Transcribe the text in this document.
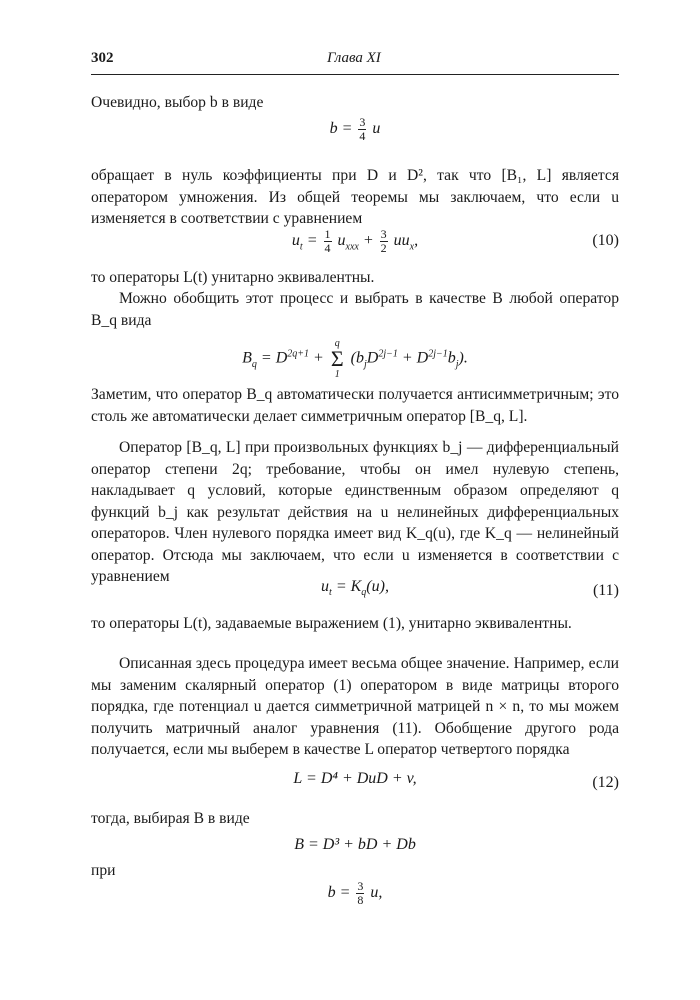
302	Глава XI

Очевидно, выбор b в виде

$b = \frac{3}{4}$ u

обращает в нуль коэффициенты при D и D², так что [B₁, L] является оператором умножения. Из общей теоремы мы заключаем, что если u изменяется в соответствии с уравнением

$u_t = \frac{1}{4} u_{xxx} + \frac{3}{2} uu_x$,	(10)

то операторы L(t) унитарно эквивалентны.

Можно обобщить этот процесс и выбрать в качестве B любой оператор B_q вида

$B_q = D^{2q+1}$ +
q
Σ
1
$(b_jD^{2j-1} + D^{2j-1}b_j)$.

Заметим, что оператор B_q автоматически получается антисимметричным; это столь же автоматически делает симметричным оператор [B_q, L].

Оператор [B_q, L] при произвольных функциях b_j — дифференциальный оператор степени 2q; требование, чтобы он имел нулевую степень, накладывает q условий, которые единственным образом определяют q функций b_j как результат действия на u нелинейных дифференциальных операторов. Член нулевого порядка имеет вид K_q(u), где K_q — нелинейный оператор. Отсюда мы заключаем, что если u изменяется в соответствии с уравнением

$u_t = K_q(u)$,	(11)

то операторы L(t), задаваемые выражением (1), унитарно эквивалентны.

Описанная здесь процедура имеет весьма общее значение. Например, если мы заменим скалярный оператор (1) оператором в виде матрицы второго порядка, где потенциал u дается симметричной матрицей n × n, то мы можем получить матричный аналог уравнения (11). Обобщение другого рода получается, если мы выберем в качестве L оператор четвертого порядка

L = D⁴ + DuD + v,	(12)

тогда, выбирая B в виде

B = D³ + bD + Db

при

$b = \frac{3}{8} u$,
